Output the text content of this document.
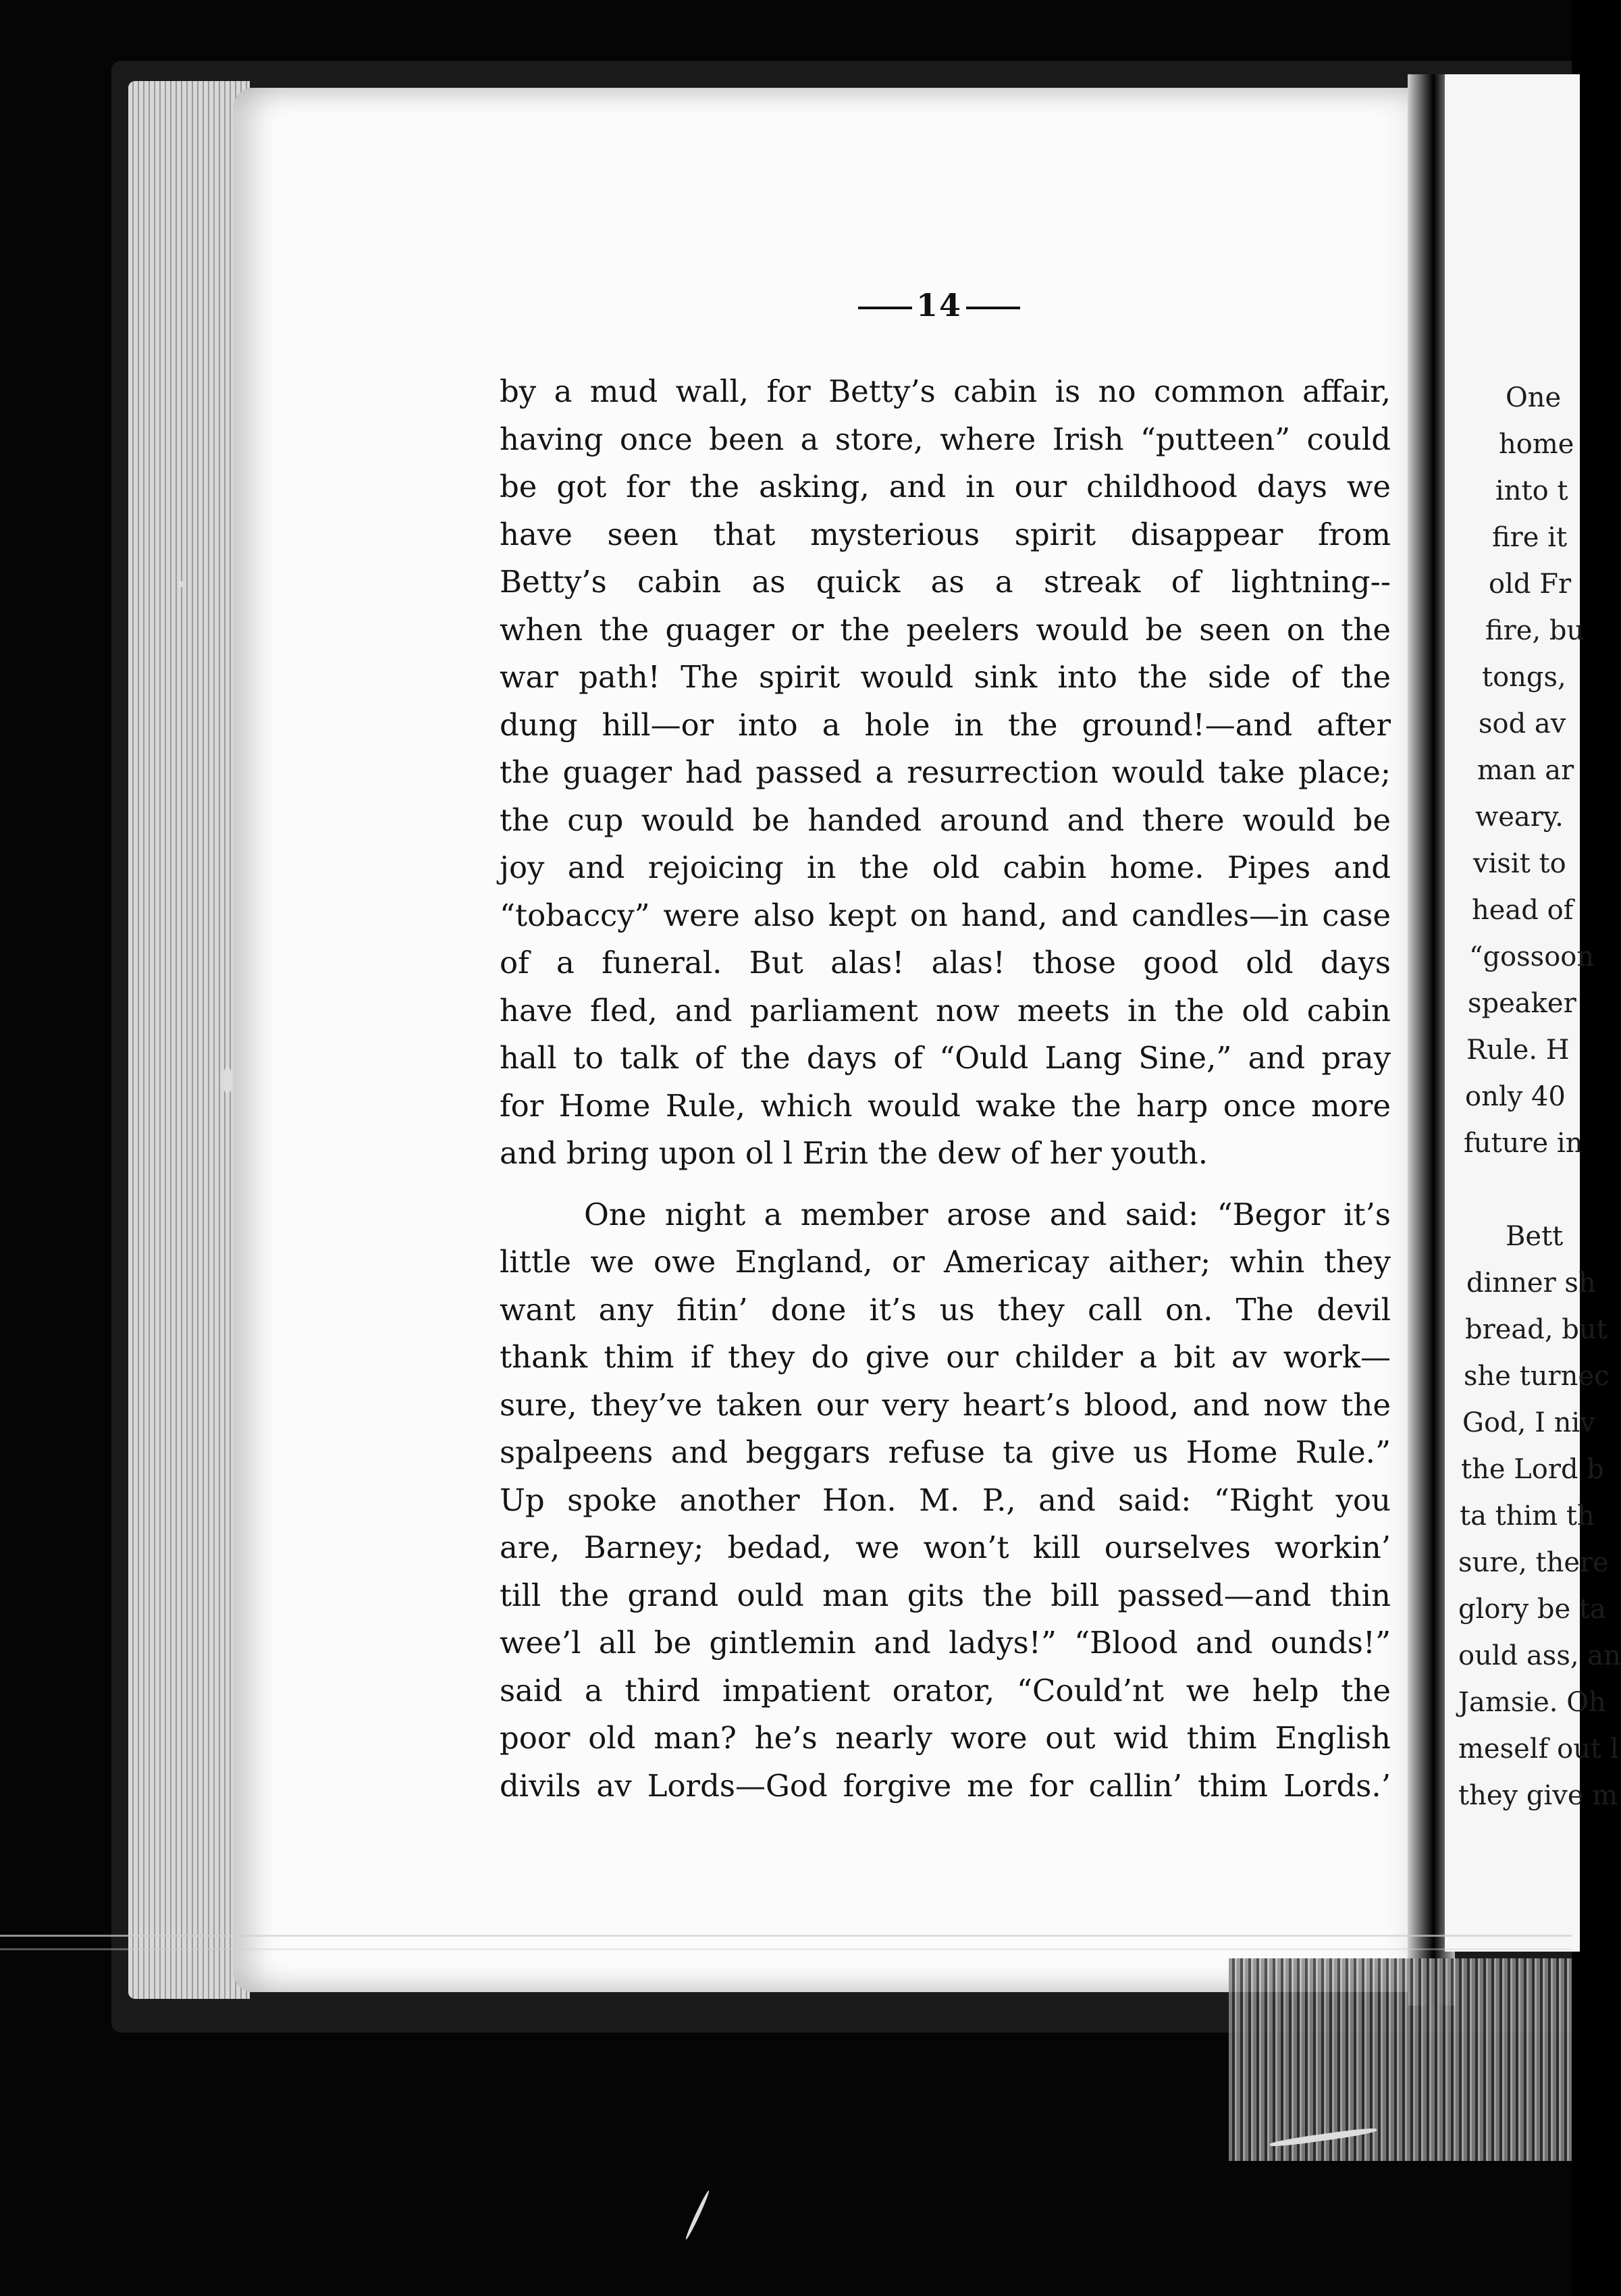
14
by a mud wall, for Betty’s cabin is no common affair,
having once been a store, where Irish “putteen” could
be got for the asking, and in our childhood days we
have seen that mysterious spirit disappear from
Betty’s cabin as quick as a streak of lightning--
when the guager or the peelers would be seen on the
war path! The spirit would sink into the side of the
dung hill—or into a hole in the ground!—and after
the guager had passed a resurrection would take place;
the cup would be handed around and there would be
joy and rejoicing in the old cabin home. Pipes and
“tobaccy” were also kept on hand, and candles—in case
of a funeral. But alas! alas! those good old days
have fled, and parliament now meets in the old cabin
hall to talk of the days of “Ould Lang Sine,” and pray
for Home Rule, which would wake the harp once more
and bring upon ol l Erin the dew of her youth.
One night a member arose and said: “Begor it’s
little we owe England, or Americay aither; whin they
want any fitin’ done it’s us they call on. The devil
thank thim if they do give our childer a bit av work—
sure, they’ve taken our very heart’s blood, and now the
spalpeens and beggars refuse ta give us Home Rule.”
Up spoke another Hon. M. P., and said: “Right you
are, Barney; bedad, we won’t kill ourselves workin’
till the grand ould man gits the bill passed—and thin
wee’l all be gintlemin and ladys!” “Blood and ounds!”
said a third impatient orator, “Could’nt we help the
poor old man? he’s nearly wore out wid thim English
divils av Lords—God forgive me for callin’ thim Lords.’
One
home
into t
fire it
old Fr
fire, bu
tongs,
sod av
man ar
weary.
visit to
head of
“gossoon
speaker
Rule. H
only 40
future in

Bett
dinner sh
bread, but
she turnec
God, I niv
the Lord b
ta thim th
sure, there
glory be ta
ould ass, an
Jamsie. Oh
meself out l
they give m
